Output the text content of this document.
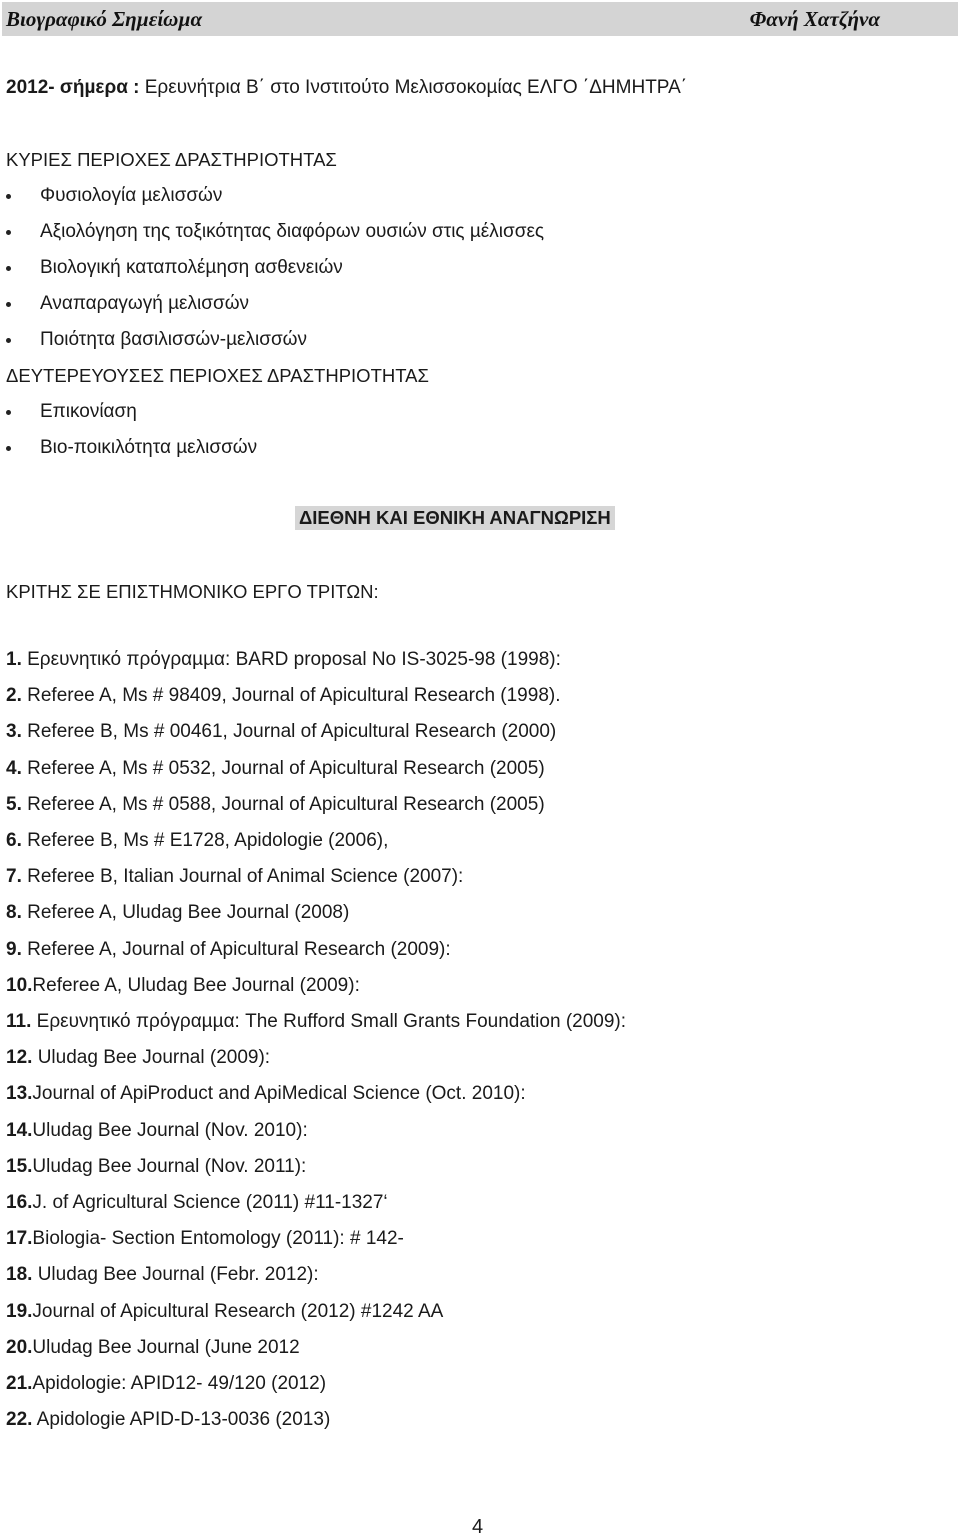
Βιογραφικό Σηµείωµα	Φανή Χατζήνα
2012- σήµερα : Ερευνήτρια Β΄ στο Ινστιτούτο Μελισσοκοµίας ΕΛΓΟ ΄ΔΗΜΗΤΡΑ΄
ΚΥΡΙΕΣ ΠΕΡΙΟΧΕΣ ΔΡΑΣΤΗΡΙΟΤΗΤΑΣ
Φυσιολογία µελισσών
Αξιολόγηση της τοξικότητας διαφόρων ουσιών στις µέλισσες
Βιολογική καταπολέµηση ασθενειών
Αναπαραγωγή µελισσών
Ποιότητα βασιλισσών-µελισσών
ΔΕΥΤΕΡΕΥΟΥΣΕΣ ΠΕΡΙΟΧΕΣ ΔΡΑΣΤΗΡΙΟΤΗΤΑΣ
Επικονίαση
Βιο-ποικιλότητα µελισσών
ΔΙΕΘΝΗ ΚΑΙ ΕΘΝΙΚΗ ΑΝΑΓΝΩΡΙΣΗ
ΚΡΙΤΗΣ ΣΕ ΕΠΙΣΤΗΜΟΝΙΚΟ ΕΡΓΟ ΤΡΙΤΩΝ:
1. Ερευνητικό πρόγραµµα: BARD proposal No IS-3025-98 (1998):
2. Referee A, Ms # 98409, Journal of Apicultural Research (1998).
3. Referee B, Ms # 00461, Journal of Apicultural Research (2000)
4. Referee A, Ms # 0532, Journal of Apicultural Research (2005)
5. Referee A, Ms # 0588, Journal of Apicultural Research (2005)
6. Referee B, Ms # E1728, Apidologie (2006),
7. Referee B, Italian Journal of Animal Science (2007):
8. Referee A, Uludag Bee Journal (2008)
9. Referee A, Journal of Apicultural Research (2009):
10.Referee A, Uludag Bee Journal (2009):
11. Ερευνητικό πρόγραµµα: The Rufford Small Grants Foundation (2009):
12. Uludag Bee Journal (2009):
13.Journal of ApiProduct and ApiMedical Science (Oct. 2010):
14.Uludag Bee Journal (Nov. 2010):
15.Uludag Bee Journal (Nov. 2011):
16.J. of Agricultural Science (2011) #11-1327‘
17.Biologia- Section Entomology (2011): # 142-
18. Uludag Bee Journal (Febr. 2012):
19.Journal of Apicultural Research (2012) #1242 AA
20.Uludag Bee Journal (June 2012
21.Apidologie: APID12- 49/120 (2012)
22. Apidologie APID-D-13-0036 (2013)
4
